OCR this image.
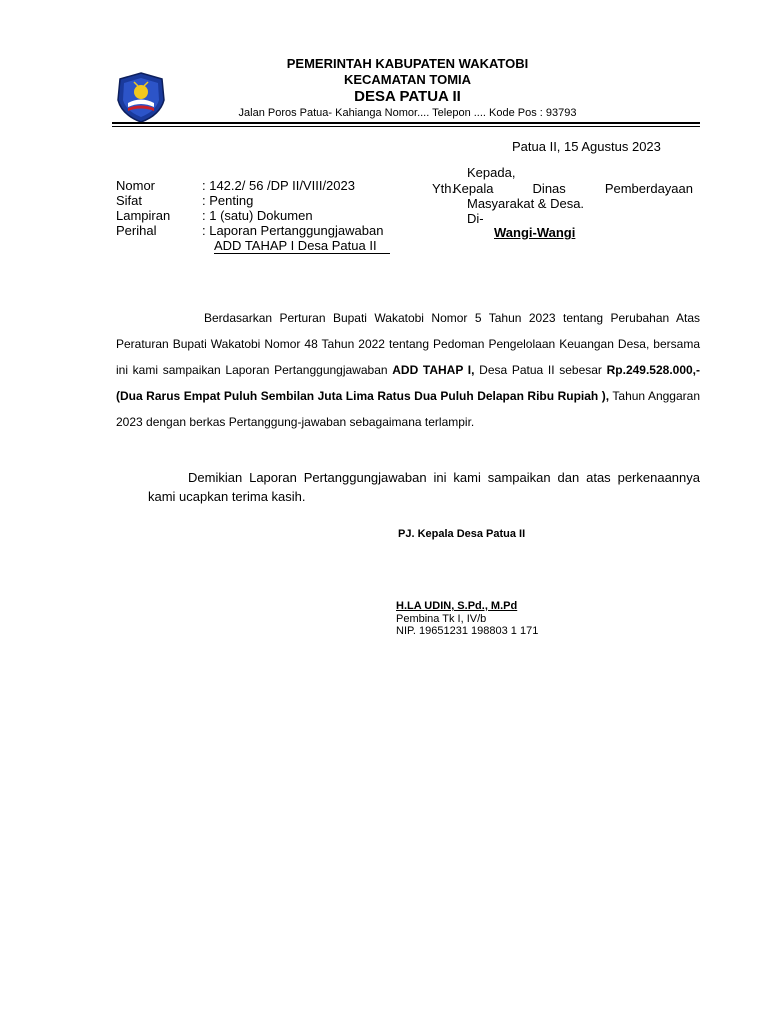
PEMERINTAH KABUPATEN WAKATOBI
KECAMATAN TOMIA
DESA PATUA II
Jalan Poros Patua- Kahianga Nomor.... Telepon .... Kode Pos : 93793
Patua II, 15 Agustus 2023
Nomor	: 142.2/ 56 /DP II/VIII/2023
Sifat	: Penting
Lampiran : 1 (satu) Dokumen
Perihal	: Laporan Pertanggungjawaban
ADD TAHAP I Desa Patua II
Yth.
Kepada,
Kepala Dinas Pemberdayaan
Masyarakat & Desa.
Di-
Wangi-Wangi
Berdasarkan Perturan Bupati Wakatobi Nomor 5 Tahun 2023 tentang Perubahan Atas Peraturan Bupati Wakatobi Nomor 48 Tahun 2022 tentang Pedoman Pengelolaan Keuangan Desa, bersama ini kami sampaikan Laporan Pertanggungjawaban ADD TAHAP I, Desa Patua II sebesar Rp.249.528.000,- (Dua Rarus Empat Puluh Sembilan Juta Lima Ratus Dua Puluh Delapan Ribu Rupiah ), Tahun Anggaran 2023 dengan berkas Pertanggung-jawaban sebagaimana terlampir.
Demikian Laporan Pertanggungjawaban ini kami sampaikan dan atas perkenaannya kami ucapkan terima kasih.
PJ. Kepala Desa Patua II
H.LA UDIN, S.Pd., M.Pd
Pembina Tk I, IV/b
NIP. 19651231 198803 1 171
